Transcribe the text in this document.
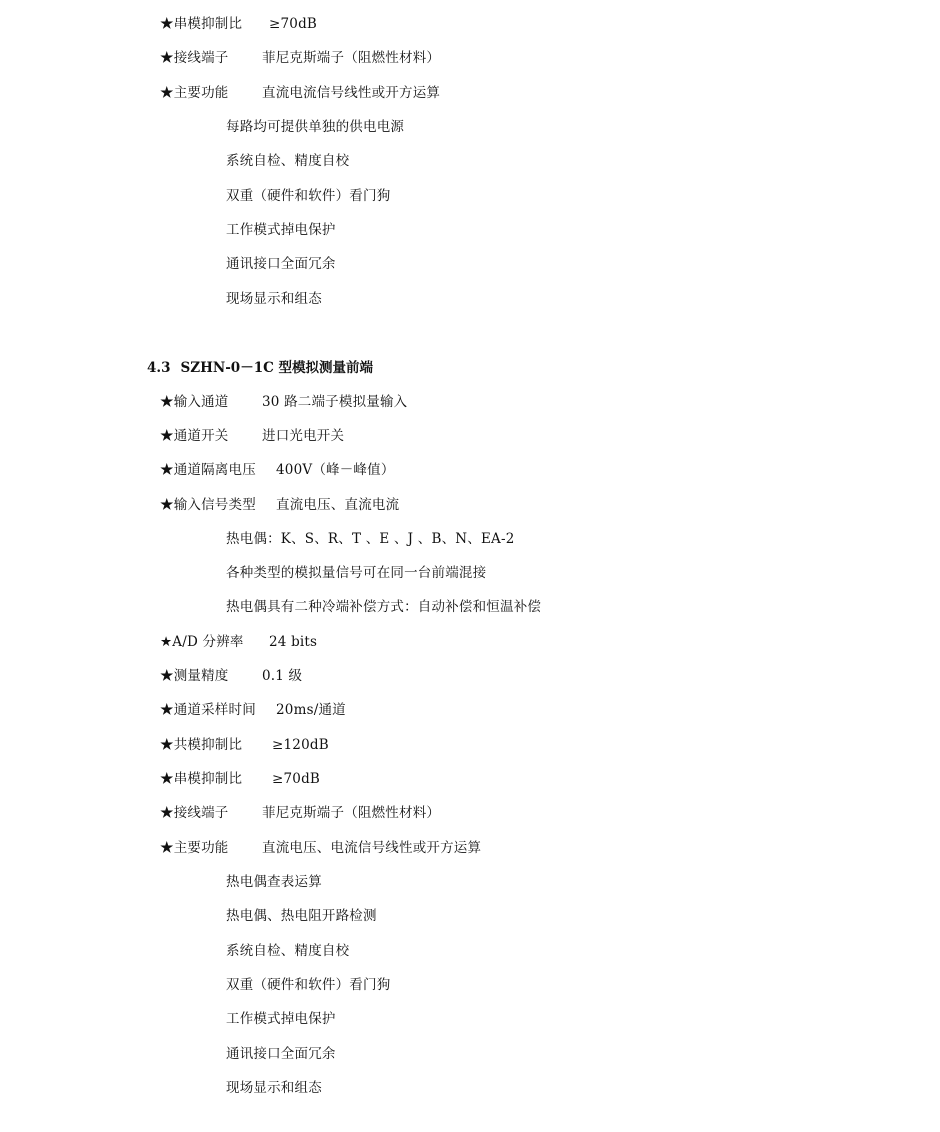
★串模抑制比 ≥70dB
★接线端子 菲尼克斯端子（阻燃性材料）
★主要功能 直流电流信号线性或开方运算
每路均可提供单独的供电电源
系统自检、精度自校
双重（硬件和软件）看门狗
工作模式掉电保护
通讯接口全面冗余
现场显示和组态
4.3 SZHN-0－1C 型模拟测量前端
★输入通道 30 路二端子模拟量输入
★通道开关 进口光电开关
★通道隔离电压 400V（峰－峰值）
★输入信号类型 直流电压、直流电流
热电偶：K、S、R、T 、E 、J 、B、N、EA-2
各种类型的模拟量信号可在同一台前端混接
热电偶具有二种冷端补偿方式：自动补偿和恒温补偿
★A/D 分辨率 24 bits
★测量精度 0.1 级
★通道采样时间 20ms/通道
★共模抑制比 ≥120dB
★串模抑制比 ≥70dB
★接线端子 菲尼克斯端子（阻燃性材料）
★主要功能 直流电压、电流信号线性或开方运算
热电偶查表运算
热电偶、热电阻开路检测
系统自检、精度自校
双重（硬件和软件）看门狗
工作模式掉电保护
通讯接口全面冗余
现场显示和组态
